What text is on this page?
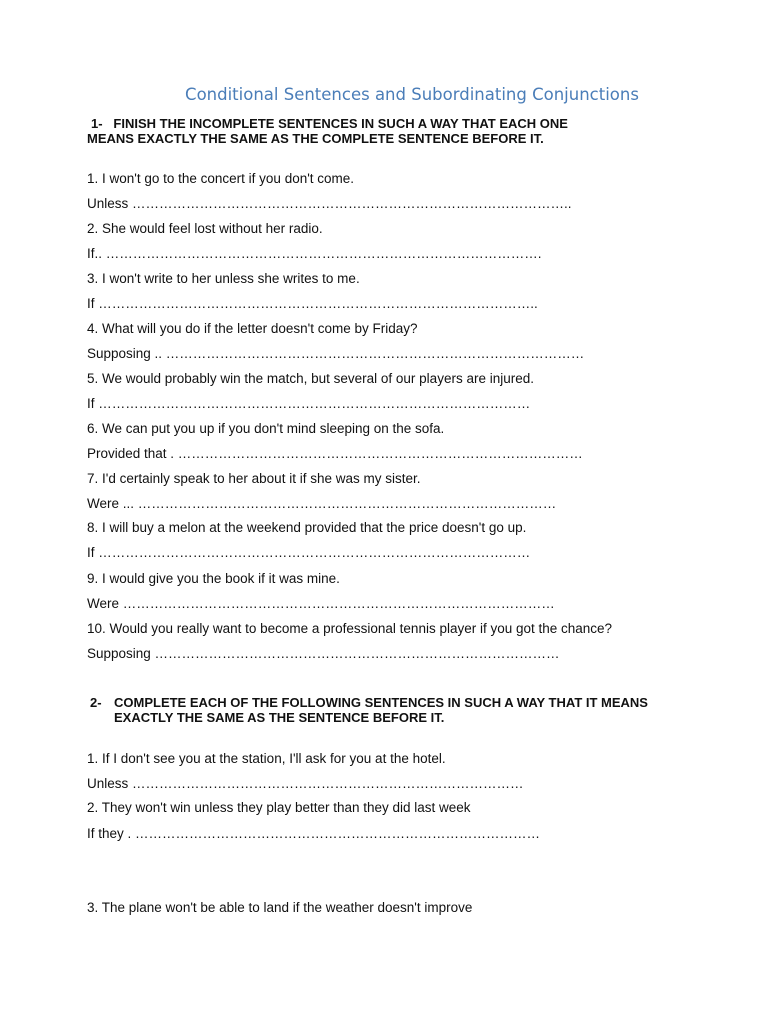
Conditional Sentences and Subordinating Conjunctions
1- FINISH THE INCOMPLETE SENTENCES IN SUCH A WAY THAT EACH ONE
MEANS EXACTLY THE SAME AS THE COMPLETE SENTENCE BEFORE IT.
1. I won't go to the concert if you don't come.
Unless ……………………………………………………………………………………..
2. She would feel lost without her radio.
If.. …………………………………………………………………………………….
3. I won't write to her unless she writes to me.
If ……………………………………………………………………………………..
4. What will you do if the letter doesn't come by Friday?
Supposing .. …………………………………………………………………………………
5. We would probably win the match, but several of our players are injured.
If ……………………………………………………………………………………
6. We can put you up if you don't mind sleeping on the sofa.
Provided that . ………………………………………………………………………………
7. I'd certainly speak to her about it if she was my sister.
Were ... …………………………………………………………………………………
8. I will buy a melon at the weekend provided that the price doesn't go up.
If ……………………………………………………………………………………
9. I would give you the book if it was mine.
Were ……………………………………………………………………………………
10. Would you really want to become a professional tennis player if you got the chance?
Supposing ………………………………………………………………………………
2- COMPLETE EACH OF THE FOLLOWING SENTENCES IN SUCH A WAY THAT IT MEANS
EXACTLY THE SAME AS THE SENTENCE BEFORE IT.
1. If I don't see you at the station, I'll ask for you at the hotel.
Unless ……………………………………………………………………………
2. They won't win unless they play better than they did last week
If they . ………………………………………………………………………………
3. The plane won't be able to land if the weather doesn't improve
